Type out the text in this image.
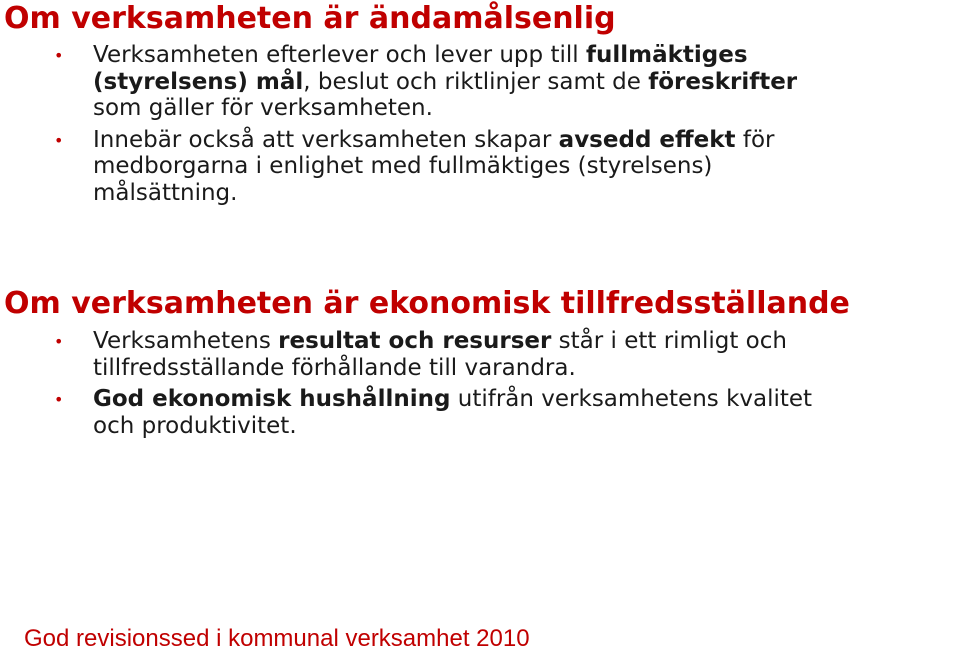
Om verksamheten är ändamålsenlig
• Verksamheten efterlever och lever upp till fullmäktiges
(styrelsens) mål, beslut och riktlinjer samt de föreskrifter
som gäller för verksamheten.
• Innebär också att verksamheten skapar avsedd effekt för
medborgarna i enlighet med fullmäktiges (styrelsens)
målsättning.
Om verksamheten är ekonomisk tillfredsställande
• Verksamhetens resultat och resurser står i ett rimligt och
tillfredsställande förhållande till varandra.
• God ekonomisk hushållning utifrån verksamhetens kvalitet
och produktivitet.
God revisionssed i kommunal verksamhet 2010
